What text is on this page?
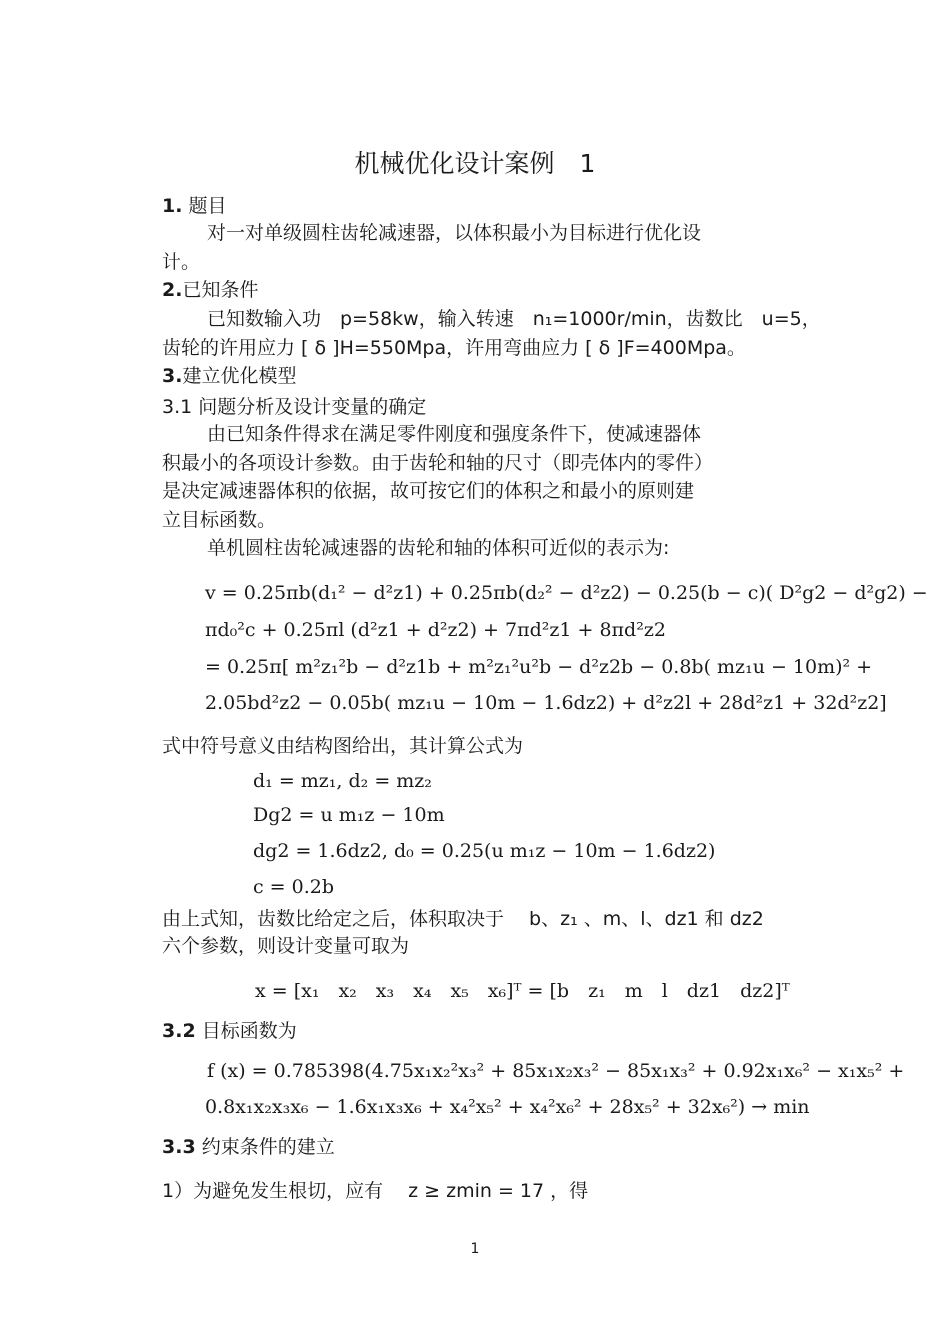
机械优化设计案例　1
1. 题目
对一对单级圆柱齿轮减速器，以体积最小为目标进行优化设
计。
2.已知条件
已知数输入功　p=58kw，输入转速　n₁=1000r/min，齿数比　u=5，
齿轮的许用应力 [ δ ]H=550Mpa，许用弯曲应力 [ δ ]F=400Mpa。
3.建立优化模型
3.1 问题分析及设计变量的确定
由已知条件得求在满足零件刚度和强度条件下，使减速器体
积最小的各项设计参数。由于齿轮和轴的尺寸（即壳体内的零件）
是决定减速器体积的依据，故可按它们的体积之和最小的原则建
立目标函数。
单机圆柱齿轮减速器的齿轮和轴的体积可近似的表示为:
v = 0.25πb(d₁² − d²z1) + 0.25πb(d₂² − d²z2) − 0.25(b − c)( D²g2 − d²g2) −
πd₀²c + 0.25πl (d²z1 + d²z2) + 7πd²z1 + 8πd²z2
= 0.25π[ m²z₁²b − d²z1b + m²z₁²u²b − d²z2b − 0.8b( mz₁u − 10m)² +
2.05bd²z2 − 0.05b( mz₁u − 10m − 1.6dz2) + d²z2l + 28d²z1 + 32d²z2]
式中符号意义由结构图给出，其计算公式为
d₁ = mz₁, d₂ = mz₂
Dg2 = u m₁z − 10m
dg2 = 1.6dz2, d₀ = 0.25(u m₁z − 10m − 1.6dz2)
c = 0.2b
由上式知，齿数比给定之后，体积取决于　 b、z₁ 、m、l、dz1 和 dz2
六个参数，则设计变量可取为
x = [x₁　x₂　x₃　x₄　x₅　x₆]ᵀ = [b　z₁　m　l　dz1　dz2]ᵀ
3.2 目标函数为
f (x) = 0.785398(4.75x₁x₂²x₃² + 85x₁x₂x₃² − 85x₁x₃² + 0.92x₁x₆² − x₁x₅² +
0.8x₁x₂x₃x₆ − 1.6x₁x₃x₆ + x₄²x₅² + x₄²x₆² + 28x₅² + 32x₆²) → min
3.3 约束条件的建立
1）为避免发生根切，应有　 z ≥ zmin = 17 ，得
1
